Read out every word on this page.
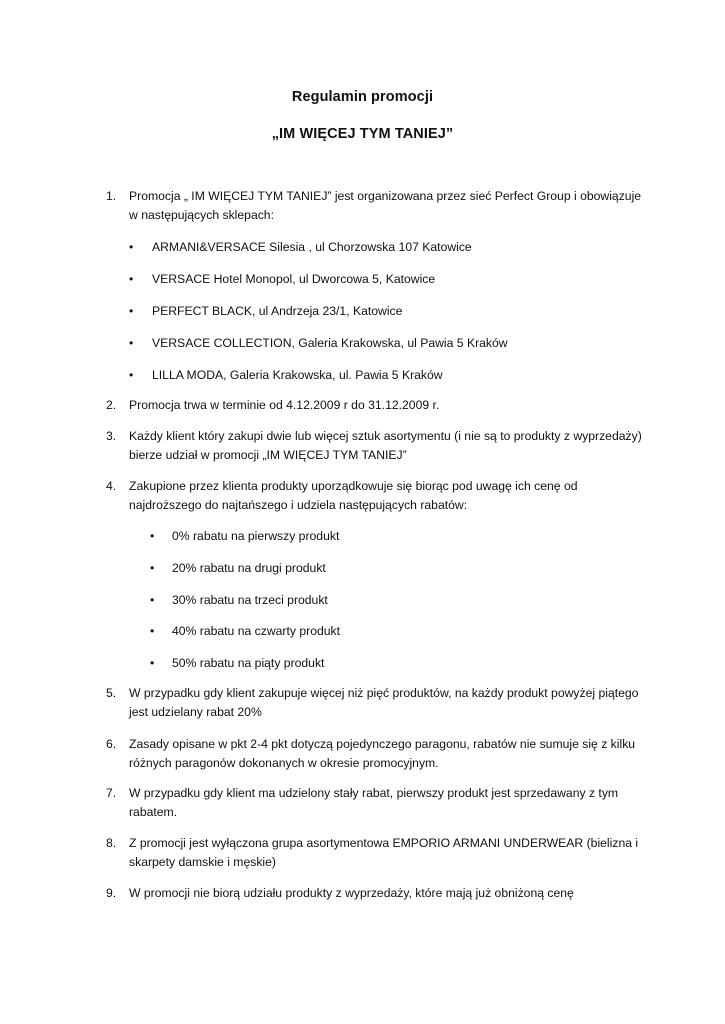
Regulamin promocji
„IM WIĘCEJ TYM TANIEJ”
1.	Promocja „ IM WIĘCEJ TYM TANIEJ” jest organizowana przez sieć Perfect Group i obowiązuje w następujących sklepach:
• ARMANI&VERSACE Silesia , ul Chorzowska 107 Katowice
• VERSACE Hotel Monopol, ul Dworcowa 5, Katowice
• PERFECT BLACK, ul Andrzeja 23/1, Katowice
• VERSACE COLLECTION, Galeria Krakowska, ul Pawia 5 Kraków
• LILLA MODA, Galeria Krakowska, ul. Pawia 5 Kraków
2.	Promocja trwa w terminie od 4.12.2009 r do 31.12.2009 r.
3.	Każdy klient który zakupi dwie lub więcej sztuk asortymentu (i nie są to produkty z wyprzedaży) bierze udział w promocji „IM WIĘCEJ TYM TANIEJ”
4.	Zakupione przez klienta produkty uporządkowuje się biorąc pod uwagę ich cenę od najdroższego do najtańszego i udziela następujących rabatów:
• 0% rabatu na pierwszy produkt
• 20% rabatu na drugi produkt
• 30% rabatu na trzeci produkt
• 40% rabatu na czwarty produkt
• 50% rabatu na piąty produkt
5.	W przypadku gdy klient zakupuje więcej niż pięć produktów, na każdy produkt powyżej piątego jest udzielany rabat 20%
6.	Zasady opisane w pkt 2-4 pkt dotyczą pojedynczego paragonu, rabatów nie sumuje się z kilku różnych paragonów dokonanych w okresie promocyjnym.
7.	W przypadku gdy klient ma udzielony stały rabat, pierwszy produkt jest sprzedawany z tym rabatem.
8.	Z promocji jest wyłączona grupa asortymentowa EMPORIO ARMANI UNDERWEAR (bielizna i skarpety damskie i męskie)
9.	W promocji nie biorą udziału produkty z wyprzedaży, które mają już obniżoną cenę
